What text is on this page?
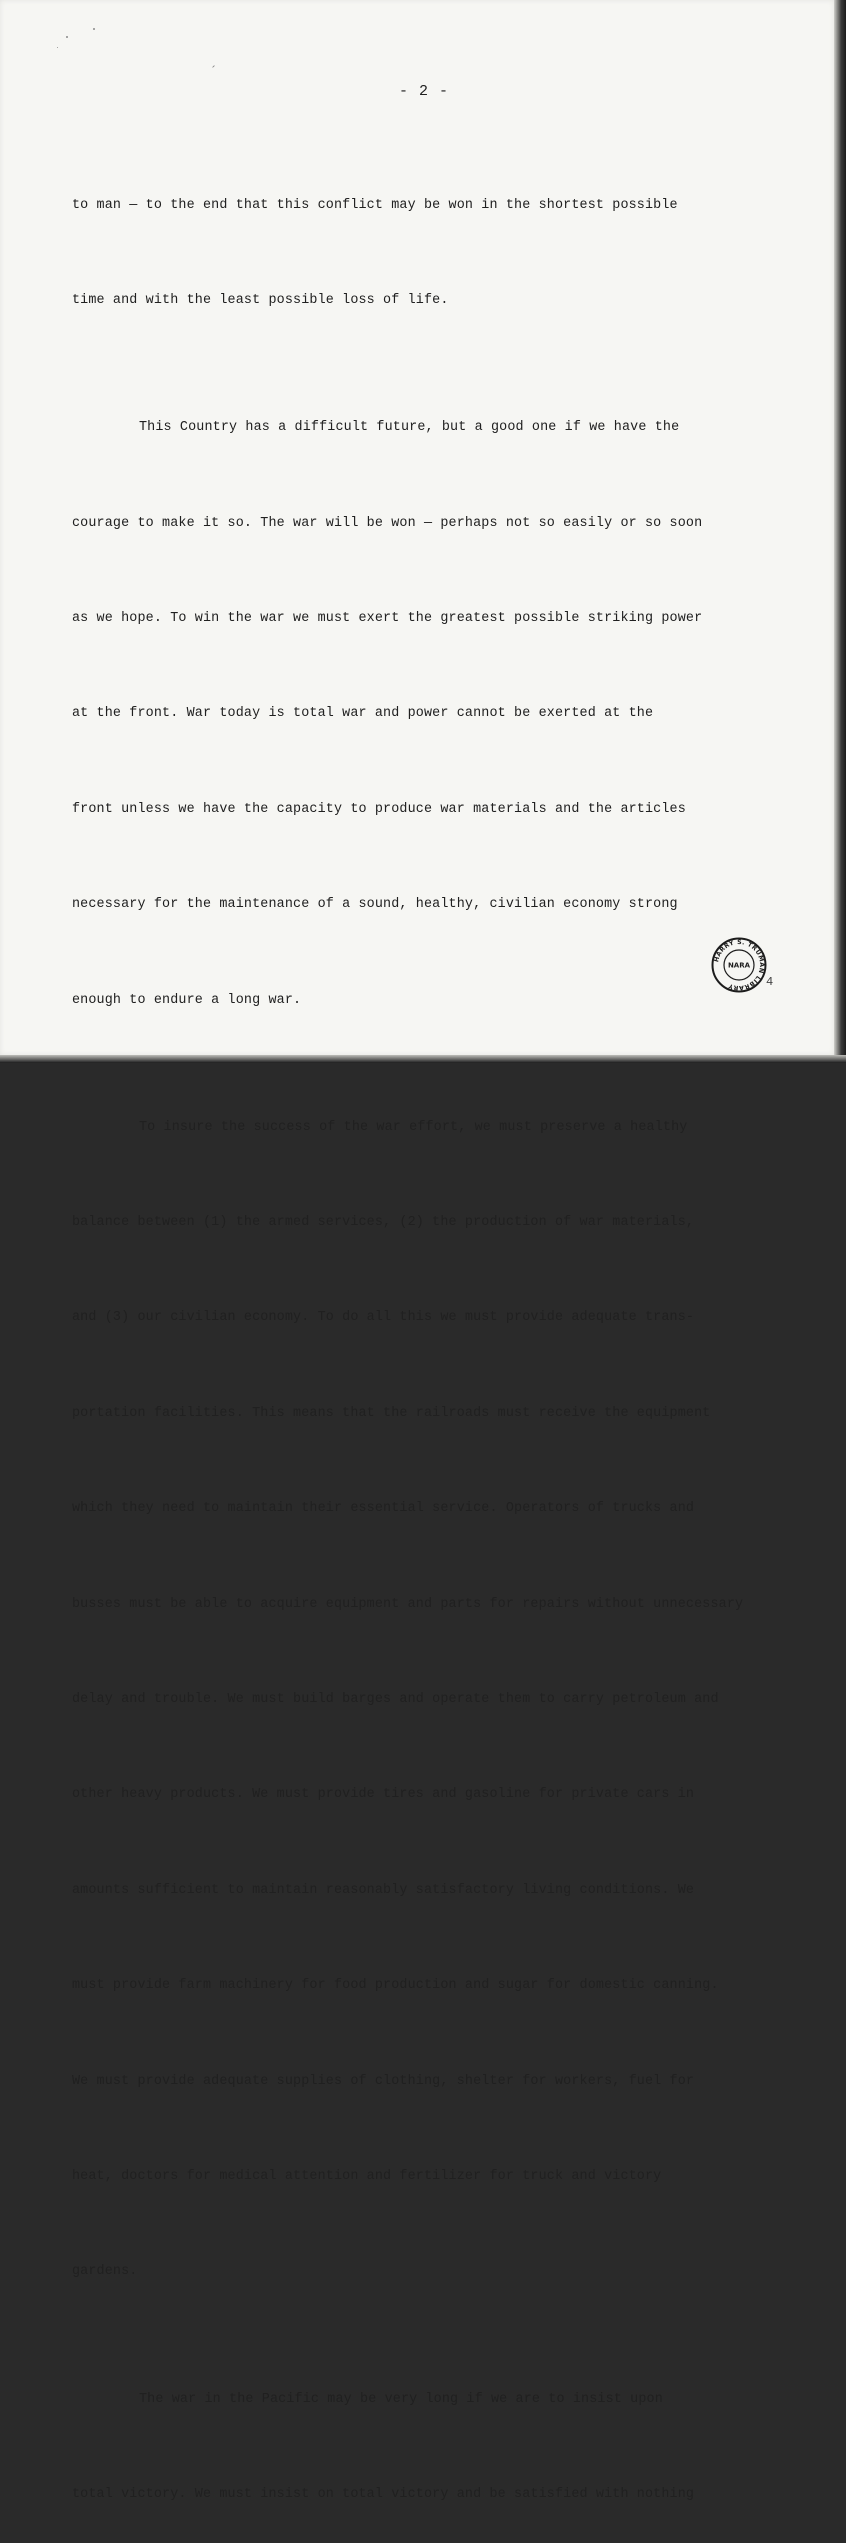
- 2 -

to man — to the end that this conflict may be won in the shortest possible

time and with the least possible loss of life.

This Country has a difficult future, but a good one if we have the

courage to make it so. The war will be won — perhaps not so easily or so soon

as we hope. To win the war we must exert the greatest possible striking power

at the front. War today is total war and power cannot be exerted at the

front unless we have the capacity to produce war materials and the articles

necessary for the maintenance of a sound, healthy, civilian economy strong

enough to endure a long war.

To insure the success of the war effort, we must preserve a healthy

balance between (1) the armed services, (2) the production of war materials,

and (3) our civilian economy. To do all this we must provide adequate trans-

portation facilities. This means that the railroads must receive the equipment

which they need to maintain their essential service. Operators of trucks and

busses must be able to acquire equipment and parts for repairs without unnecessary

delay and trouble. We must build barges and operate them to carry petroleum and

other heavy products. We must provide tires and gasoline for private cars in

amounts sufficient to maintain reasonably satisfactory living conditions. We

must provide farm machinery for food production and sugar for domestic canning.

We must provide adequate supplies of clothing, shelter for workers, fuel for

heat, doctors for medical attention and fertilizer for truck and victory

gardens.

The war in the Pacific may be very long if we are to insist upon

total victory. We must insist on total victory and be satisfied with nothing

HARRY S. TRUMAN LIBRARY
NARA
4
